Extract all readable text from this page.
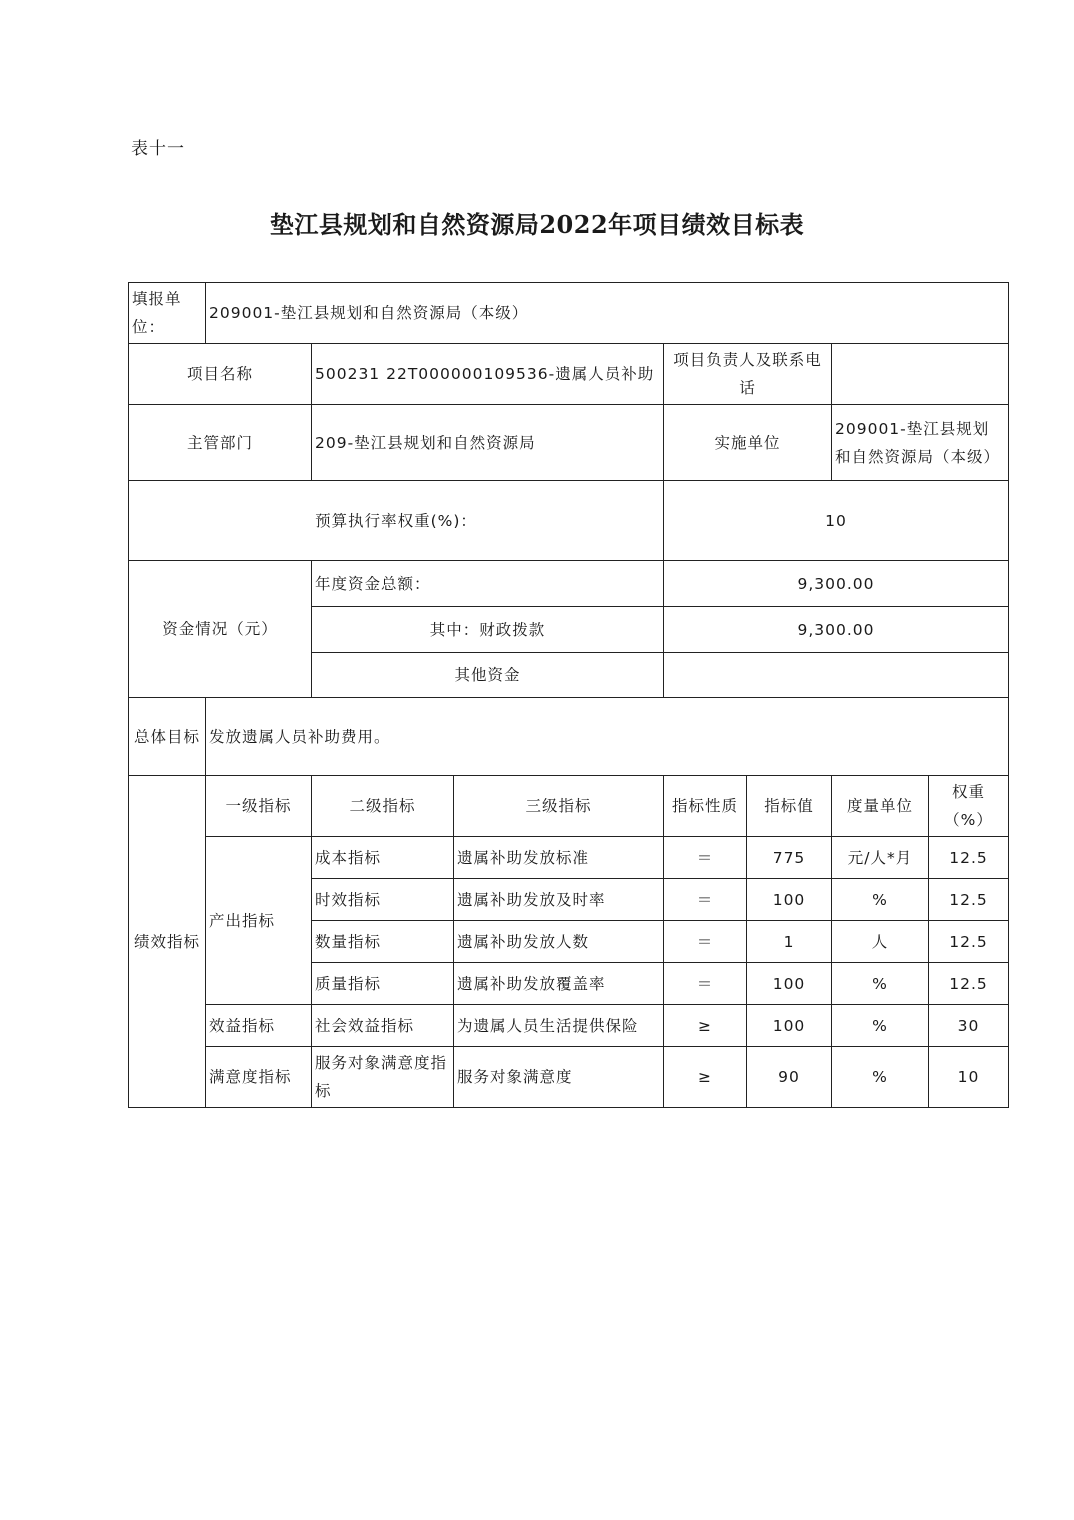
表十一
垫江县规划和自然资源局2022年项目绩效目标表
填报单位：	209001-垫江县规划和自然资源局（本级）						
项目名称		500231 22T000000109536-遗属人员补助		项目负责人及联系电话			
主管部门		209-垫江县规划和自然资源局		实施单位		209001-垫江县规划和自然资源局（本级）	
预算执行率权重(%)：				10			
资金情况（元）		年度资金总额：		9,300.00			
		其中：财政拨款		9,300.00			
		其他资金					
总体目标	发放遗属人员补助费用。						
绩效指标	一级指标	二级指标	三级指标	指标性质	指标值	度量单位	权重（%）
	产出指标	成本指标	遗属补助发放标准	＝	775	元/人*月	12.5
		时效指标	遗属补助发放及时率	＝	100	%	12.5
		数量指标	遗属补助发放人数	＝	1	人	12.5
		质量指标	遗属补助发放覆盖率	＝	100	%	12.5
	效益指标	社会效益指标	为遗属人员生活提供保险	≥	100	%	30
	满意度指标	服务对象满意度指标	服务对象满意度	≥	90	%	10
